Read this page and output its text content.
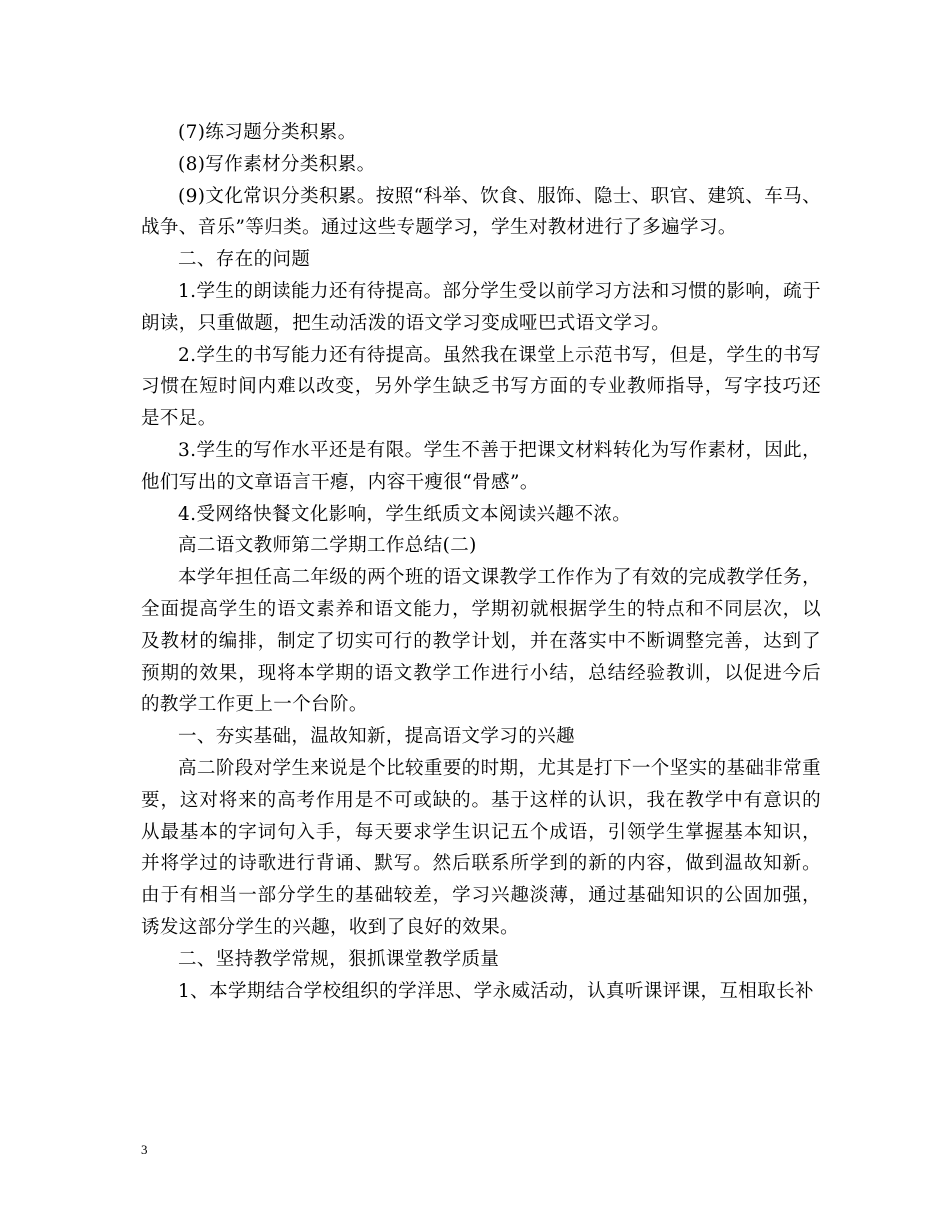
(7)练习题分类积累。

(8)写作素材分类积累。

(9)文化常识分类积累。按照“科举、饮食、服饰、隐士、职官、建筑、车马、战争、音乐”等归类。通过这些专题学习，学生对教材进行了多遍学习。

二、存在的问题

1.学生的朗读能力还有待提高。部分学生受以前学习方法和习惯的影响，疏于朗读，只重做题，把生动活泼的语文学习变成哑巴式语文学习。

2.学生的书写能力还有待提高。虽然我在课堂上示范书写，但是，学生的书写习惯在短时间内难以改变，另外学生缺乏书写方面的专业教师指导，写字技巧还是不足。

3.学生的写作水平还是有限。学生不善于把课文材料转化为写作素材，因此，他们写出的文章语言干瘪，内容干瘦很“骨感”。

4.受网络快餐文化影响，学生纸质文本阅读兴趣不浓。

高二语文教师第二学期工作总结(二)

本学年担任高二年级的两个班的语文课教学工作作为了有效的完成教学任务，全面提高学生的语文素养和语文能力，学期初就根据学生的特点和不同层次，以及教材的编排，制定了切实可行的教学计划，并在落实中不断调整完善，达到了预期的效果，现将本学期的语文教学工作进行小结，总结经验教训，以促进今后的教学工作更上一个台阶。

一、夯实基础，温故知新，提高语文学习的兴趣

高二阶段对学生来说是个比较重要的时期，尤其是打下一个坚实的基础非常重要，这对将来的高考作用是不可或缺的。基于这样的认识，我在教学中有意识的从最基本的字词句入手，每天要求学生识记五个成语，引领学生掌握基本知识，并将学过的诗歌进行背诵、默写。然后联系所学到的新的内容，做到温故知新。由于有相当一部分学生的基础较差，学习兴趣淡薄，通过基础知识的公固加强，诱发这部分学生的兴趣，收到了良好的效果。

二、坚持教学常规，狠抓课堂教学质量

1、本学期结合学校组织的学洋思、学永威活动，认真听课评课，互相取长补

3
